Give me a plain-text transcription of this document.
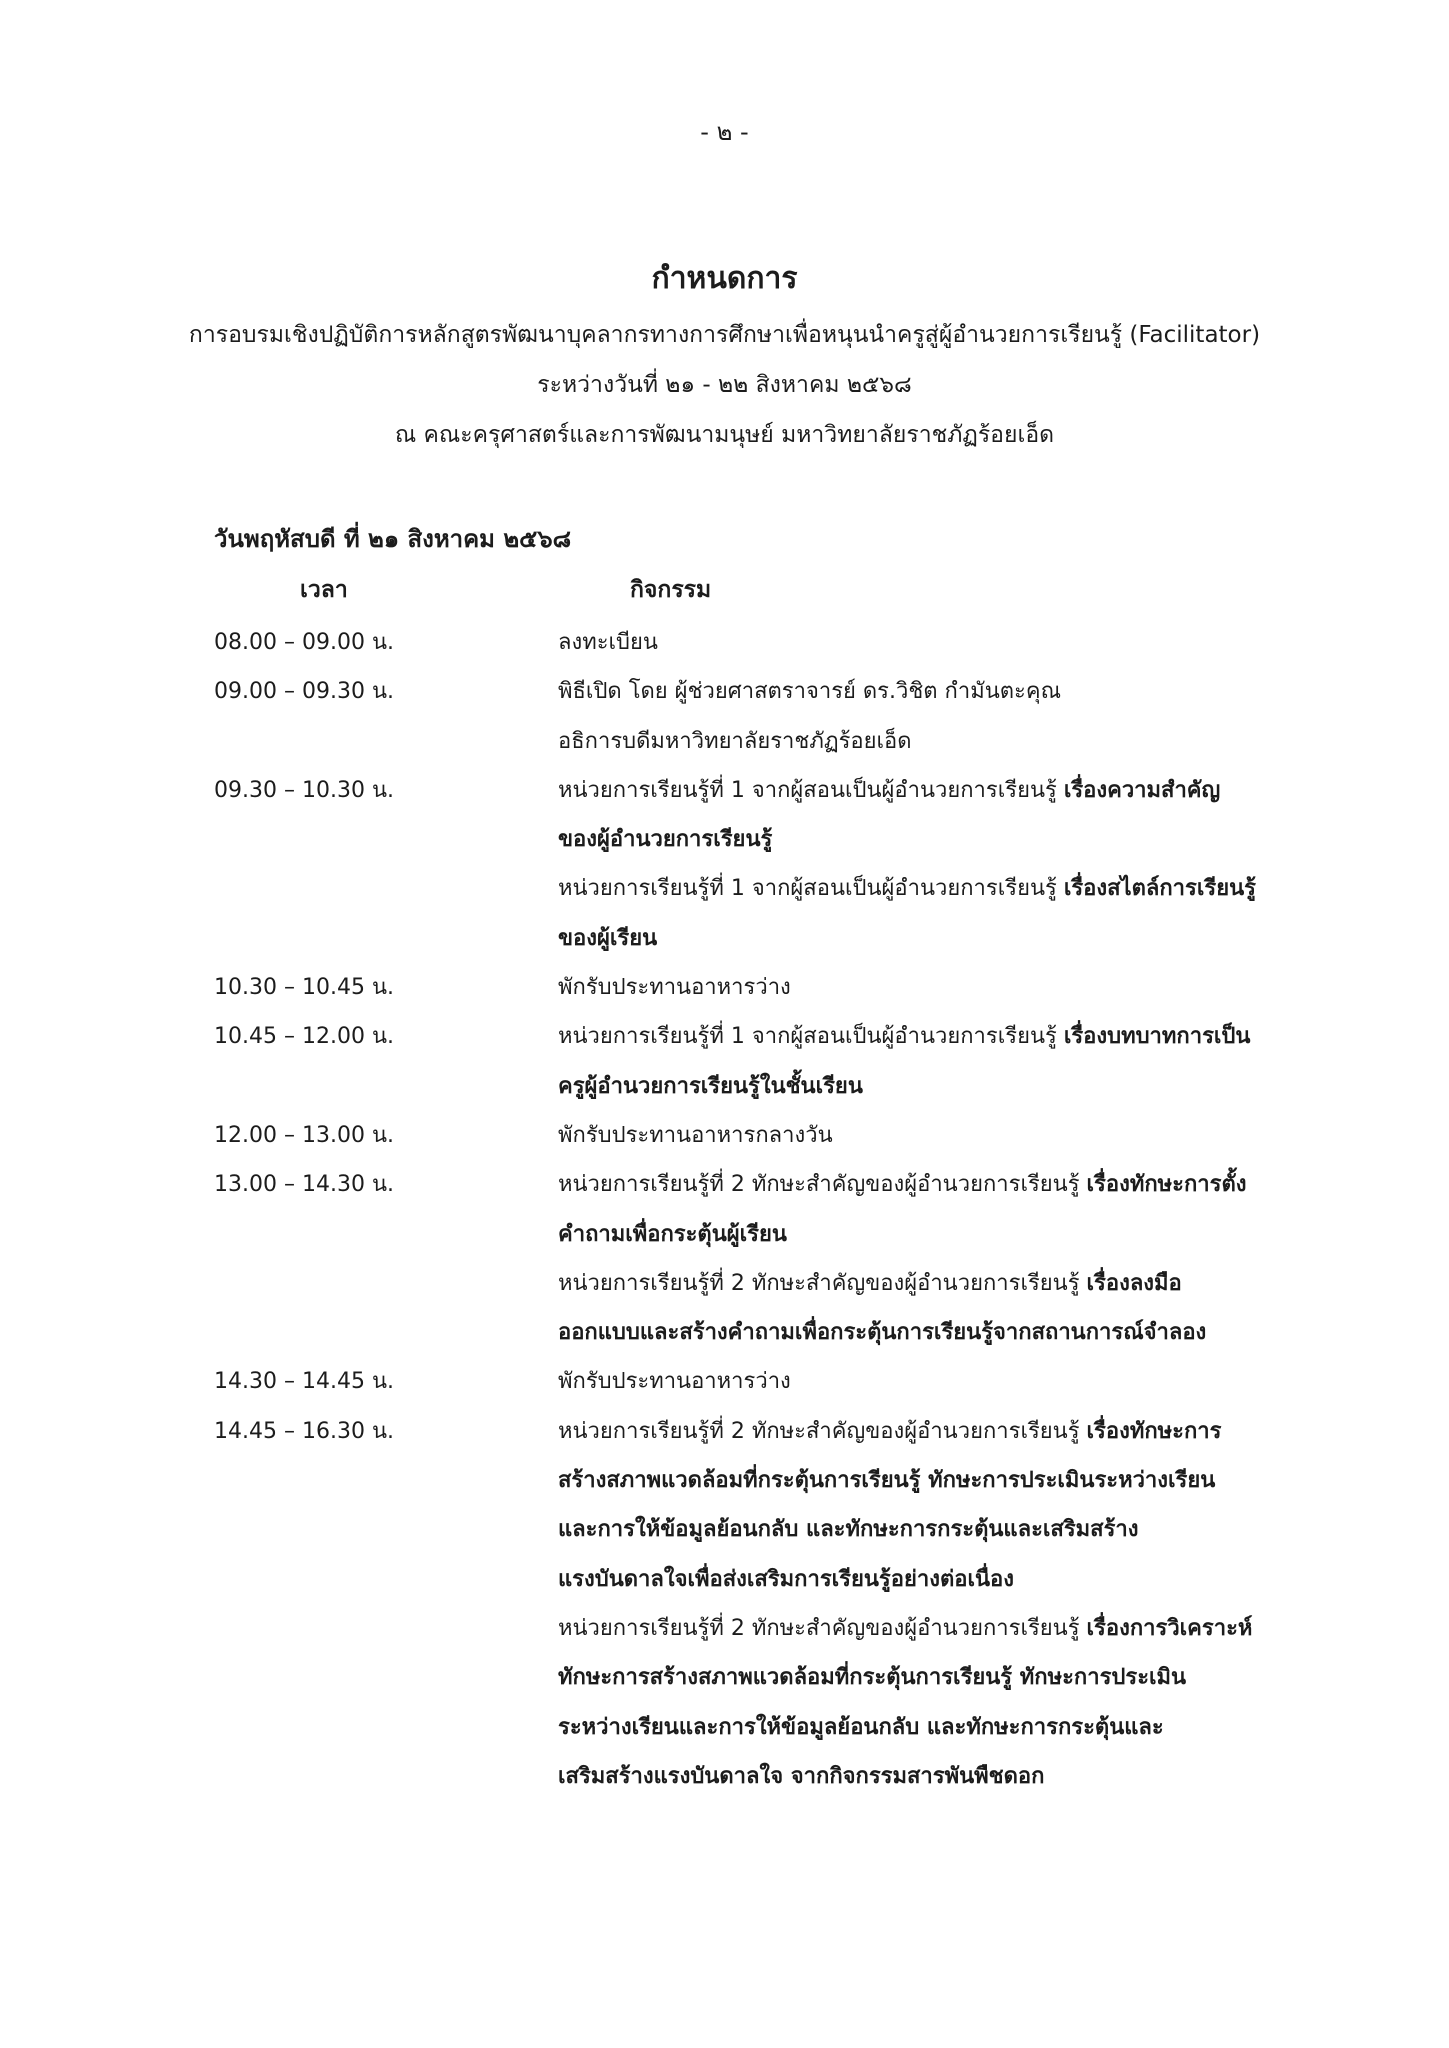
- ๒ -
กำหนดการ
การอบรมเชิงปฏิบัติการหลักสูตรพัฒนาบุคลากรทางการศึกษาเพื่อหนุนนำครูสู่ผู้อำนวยการเรียนรู้ (Facilitator)
ระหว่างวันที่ ๒๑ - ๒๒ สิงหาคม ๒๕๖๘
ณ คณะครุศาสตร์และการพัฒนามนุษย์ มหาวิทยาลัยราชภัฏร้อยเอ็ด
วันพฤหัสบดี ที่ ๒๑ สิงหาคม ๒๕๖๘
เวลา	กิจกรรม
08.00 – 09.00 น.	ลงทะเบียน
09.00 – 09.30 น.	พิธีเปิด โดย ผู้ช่วยศาสตราจารย์ ดร.วิชิต กำมันตะคุณ
อธิการบดีมหาวิทยาลัยราชภัฏร้อยเอ็ด
09.30 – 10.30 น.	หน่วยการเรียนรู้ที่ 1 จากผู้สอนเป็นผู้อำนวยการเรียนรู้ เรื่องความสำคัญ
ของผู้อำนวยการเรียนรู้
หน่วยการเรียนรู้ที่ 1 จากผู้สอนเป็นผู้อำนวยการเรียนรู้ เรื่องสไตล์การเรียนรู้
ของผู้เรียน
10.30 – 10.45 น.	พักรับประทานอาหารว่าง
10.45 – 12.00 น.	หน่วยการเรียนรู้ที่ 1 จากผู้สอนเป็นผู้อำนวยการเรียนรู้ เรื่องบทบาทการเป็น
ครูผู้อำนวยการเรียนรู้ในชั้นเรียน
12.00 – 13.00 น.	พักรับประทานอาหารกลางวัน
13.00 – 14.30 น.	หน่วยการเรียนรู้ที่ 2 ทักษะสำคัญของผู้อำนวยการเรียนรู้ เรื่องทักษะการตั้ง
คำถามเพื่อกระตุ้นผู้เรียน
หน่วยการเรียนรู้ที่ 2 ทักษะสำคัญของผู้อำนวยการเรียนรู้ เรื่องลงมือ
ออกแบบและสร้างคำถามเพื่อกระตุ้นการเรียนรู้จากสถานการณ์จำลอง
14.30 – 14.45 น.	พักรับประทานอาหารว่าง
14.45 – 16.30 น.	หน่วยการเรียนรู้ที่ 2 ทักษะสำคัญของผู้อำนวยการเรียนรู้ เรื่องทักษะการ
สร้างสภาพแวดล้อมที่กระตุ้นการเรียนรู้ ทักษะการประเมินระหว่างเรียน
และการให้ข้อมูลย้อนกลับ และทักษะการกระตุ้นและเสริมสร้าง
แรงบันดาลใจเพื่อส่งเสริมการเรียนรู้อย่างต่อเนื่อง
หน่วยการเรียนรู้ที่ 2 ทักษะสำคัญของผู้อำนวยการเรียนรู้ เรื่องการวิเคราะห์
ทักษะการสร้างสภาพแวดล้อมที่กระตุ้นการเรียนรู้ ทักษะการประเมิน
ระหว่างเรียนและการให้ข้อมูลย้อนกลับ และทักษะการกระตุ้นและ
เสริมสร้างแรงบันดาลใจ จากกิจกรรมสารพันพืชดอก
